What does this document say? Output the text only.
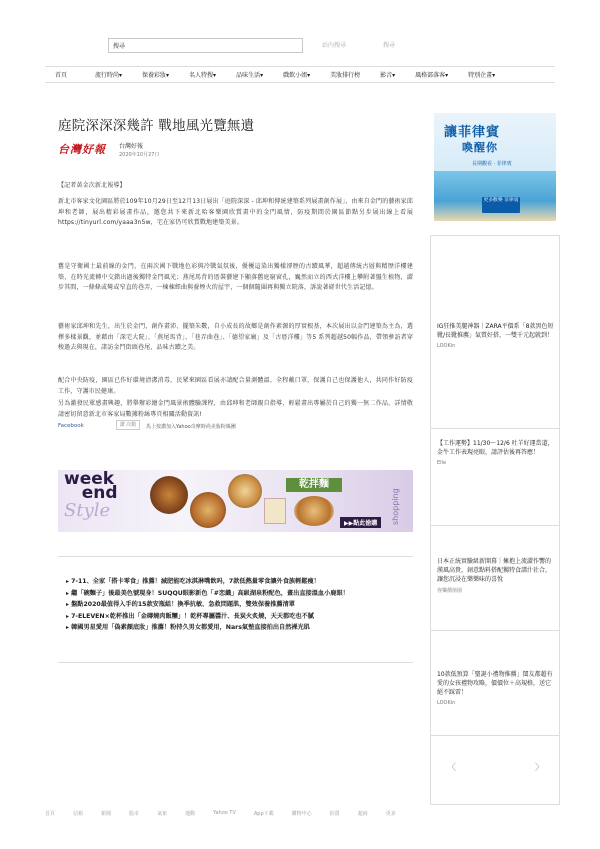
搜尋	站內搜尋	搜尋
首頁	流行時尚▾	保養彩妝▾	名人特搜▾	品味生活▾	戲飲小姐▾	美妝排行榜	影音▾	風格部落客▾	特別企畫▾
庭院深深深幾許 戰地風光覽無遺
台灣好報 台灣好報
2020年10月27日
【記者黃金次新北報導】
新北市客家文化園區將於109年10月29日至12月13日展出「庭院深深 - 邱坤和傳統建築系列展畫創作展」，由來自金門的藝術家邱坤和老師，展出精彩展畫作品，邀您共下來新北哈客樂園欣賞畫中的金門風情，防疫期間於園區節點另步展出線上看展https://tinyurl.com/yaaa3n5w，宅在家仍可欣賞戰地建築美景。
舊是守衛國土最前線的金門，在兩次國下戰地色彩與冷戰氣氛後，優擾這染出獨樣卻歷的古蹟風華，超越傳統古層與精歷洋樓建築，在時光流轉中交錯出過後獨特金門風光；燕尾馬背的厝裝藝建下顯落舊庭窮窗孔，巍然而立的西式洋樓上攀附著盤生植物，澀步其間，一條條或彎或窄直的巷弄，一棟棟經曲與養煙火的屋宇，一個個隨圍再與獨立院落，訴說著磋世代生活記憶。
藝術家邱坤和先生，出生於金門，創作畫沛、擺築朱數，自小成長的故鄉是創作素源的厚實根基，本次展出以金門建築為主為，選擇多樣景觀，並藉由「深宅大院」、「燕尾馬背」、「巷弄曲巷」、「德望家廟」及「古厝洋樓」等5 系列超越50幅作品，帶領參訪者穿梭過去與現在，諸訪金門街頭巷尾，品味古蹟之美。
配合中央防疫，園區已作好環境清潔消毒，民眾來園區看展亦請配合量測體溫、全程戴口罩，保護自己也保護他人，共同作好防疫工作，守護市民健康。
Facebook	讚 次數	馬上按讚加入Yahoo奇摩時尚美妝粉絲團
week
end
Style
乾拌麵
▶▶點此搶購	shopping
▸ 7-11、全家「搭卡零食」推薦！減肥能吃冰淇淋嘴飲吗，7款低熱量零食讓外食族輕鬆瘦！
▸ 繼「碗麵子」後最美色號現身！SUQQU眼影新色「#恋織」高級湖泉粉配色，畫出直接溫血小鹿眼！
▸ 盤點2020最值得入手的15款安瓶組！換季抗敏、急救問題肌，雙效保養推薦清單
▸ 7-ELEVEN×乾杯推出「金磚燒肉飯糰」！乾杯專屬醬汁、長炭火炙燒，天天都吃也不膩
▸ 韓國男星愛用「偽素顏底妝」推薦！粉持久男女都愛用，Nars氣墊直接拍出自然裸光肌
讓菲律賓
喚醒你
長期觀看 · 菲律賓
更多歡樂 菲律賓
IG狂推美腿神器｜ZARA平價系「8款黑色短靴/長靴推薦」氣質好搭，一雙千元起就到！
LOOKin
【工作運勢】11/30～12/6 吐羊好運當道，金牛工作表現亮眼，請評估後再答應！
Elle
日本正統實驗級新開幕｜擁抱上流澀作響的漢風高貴，創意點料搭配獨特食譜汁社合，讓您沉浸在樂樂味的喜悅
客樂價值園
10款低預算「聖誕小禮物推薦」閨友都超有愛的女孩禮物攻略，價價位＋高規格，送它絕不踩雷！
LOOKin
〈	〉
首頁	信箱	新聞	股市	氣象	運動	Yahoo TV	App下載	購物中心	拍賣	超商	更多
另為激發民眾感畫興趣，將舉辦彩繪金門風景術體驗課程，由邱坤和老師親自指導，輕鬆畫出專屬於自己的獨一無二作品，詳情敬請密切留意新北市客家局數據粉絲專頁相關活動資訊!
